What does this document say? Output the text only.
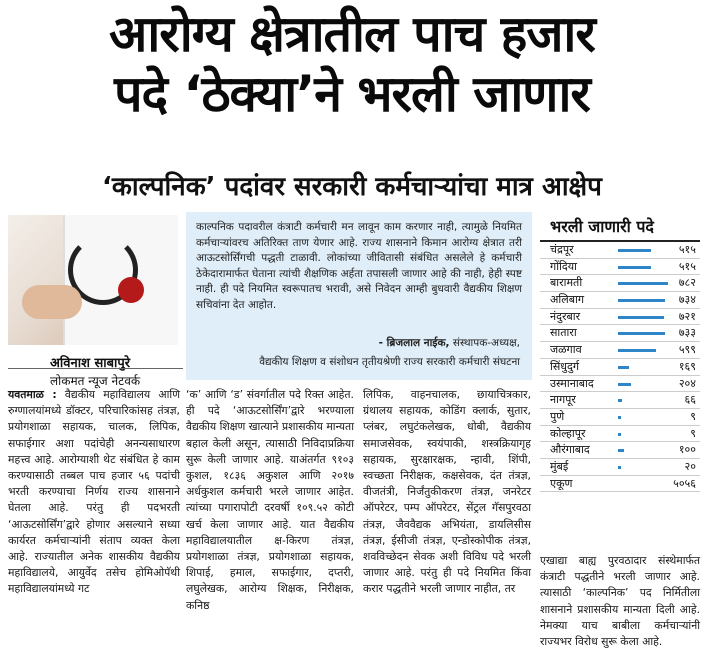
आरोग्य क्षेत्रातील पाच हजार
पदे ‘ठेक्या’ने भरली जाणार
‘काल्पनिक’ पदांवर सरकारी कर्मचाऱ्यांचा मात्र आक्षेप
अविनाश साबापुरे
लोकमत न्यूज नेटवर्क
काल्पनिक पदावरील कंत्राटी कर्मचारी मन लावून काम करणार नाही, त्यामुळे नियमित कर्मचाऱ्यांवरच अतिरिक्त ताण येणार आहे. राज्य शासनाने किमान आरोग्य क्षेत्रात तरी आऊटसोर्सिंगची पद्धती टाळावी. लोकांच्या जीवितासी संबंधित असलेले हे कर्मचारी ठेकेदारामार्फत घेताना त्यांची शैक्षणिक अर्हता तपासली जाणार आहे की नाही, हेही स्पष्ट नाही. ही पदे नियमित स्वरूपातच भरावी, असे निवेदन आम्ही बुधवारी वैद्यकीय शिक्षण सचिवांना देत आहोत.
- ब्रिजलाल नाईक, संस्थापक-अध्यक्ष,
वैद्यकीय शिक्षण व संशोधन तृतीयश्रेणी राज्य सरकारी कर्मचारी संघटना
यवतमाळ : वैद्यकीय महाविद्यालय आणि रुग्णालयांमध्ये डॉक्टर, परिचारिकांसह तंत्रज्ञ, प्रयोगशाळा सहायक, चालक, लिपिक, सफाईगार अशा पदांचेही अनन्यसाधारण महत्त्व आहे. आरोग्याशी थेट संबंधित हे काम करण्यासाठी तब्बल पाच हजार ५६ पदांची भरती करण्याचा निर्णय राज्य शासनाने घेतला आहे. परंतु ही पदभरती ‘आऊटसोर्सिंग’द्वारे होणार असल्याने सध्या कार्यरत कर्मचाऱ्यांनी संताप व्यक्त केला आहे. राज्यातील अनेक शासकीय वैद्यकीय महाविद्यालये, आयुर्वेद तसेच होमिओपॅथी महाविद्यालयांमध्ये गट
‘क’ आणि ‘ड’ संवर्गातील पदे रिक्त आहेत. ही पदे ‘आऊटसोर्सिंग’द्वारे भरण्याला वैद्यकीय शिक्षण खात्याने प्रशासकीय मान्यता बहाल केली असून, त्यासाठी निविदाप्रक्रिया सुरू केली जाणार आहे. याअंतर्गत ९१०३ कुशल, १८३६ अकुशल आणि २०१७ अर्धकुशल कर्मचारी भरले जाणार आहेत. त्यांच्या पगारापोटी दरवर्षी १०९.५२ कोटी खर्च केला जाणार आहे. यात वैद्यकीय महाविद्यालयातील क्ष-किरण तंत्रज्ञ, प्रयोगशाळा तंत्रज्ञ, प्रयोगशाळा सहायक, शिपाई, हमाल, सफाईगार, दप्तरी, लघुलेखक, आरोग्य शिक्षक, निरीक्षक, कनिष्ठ
लिपिक, वाहनचालक, छायाचित्रकार, ग्रंथालय सहायक, कोडिंग क्लार्क, सुतार, प्लंबर, लघुटंकलेखक, धोबी, वैद्यकीय समाजसेवक, स्वयंपाकी, शस्त्रक्रियागृह सहायक, सुरक्षारक्षक, न्हावी, शिंपी, स्वच्छता निरीक्षक, कक्षसेवक, दंत तंत्रज्ञ, वीजतंत्री, निर्जंतुकीकरण तंत्रज्ञ, जनरेटर ऑपरेटर, पम्प ऑपरेटर, सेंट्रल गॅसपुरवठा तंत्रज्ञ, जैववैद्यक अभियंता, डायलिसीस तंत्रज्ञ, ईसीजी तंत्रज्ञ, एन्डोस्कोपीक तंत्रज्ञ, शवविच्छेदन सेवक अशी विविध पदे भरली जाणार आहे. परंतु ही पदे नियमित किंवा करार पद्धतीने भरली जाणार नाहीत, तर
एखाद्या बाह्य पुरवठादार संस्थेमार्फत कंत्राटी पद्धतीने भरली जाणार आहे. त्यासाठी ‘काल्पनिक’ पद निर्मितीला शासनाने प्रशासकीय मान्यता दिली आहे. नेमक्या याच बाबीला कर्मचाऱ्यांनी राज्यभर विरोध सुरू केला आहे.
भरली जाणारी पदे
चंद्रपूर	५१५
गोंदिया	५१५
बारामती	७८२
अलिबाग	७३४
नंदुरबार	७२१
सातारा	७३३
जळगाव	५९९
सिंधुदुर्ग	१६९
उस्मानाबाद	२०४
नागपूर	६६
पुणे	९
कोल्हापूर	९
औरंगाबाद	१००
मुंबई	२०
एकूण	५०५६
